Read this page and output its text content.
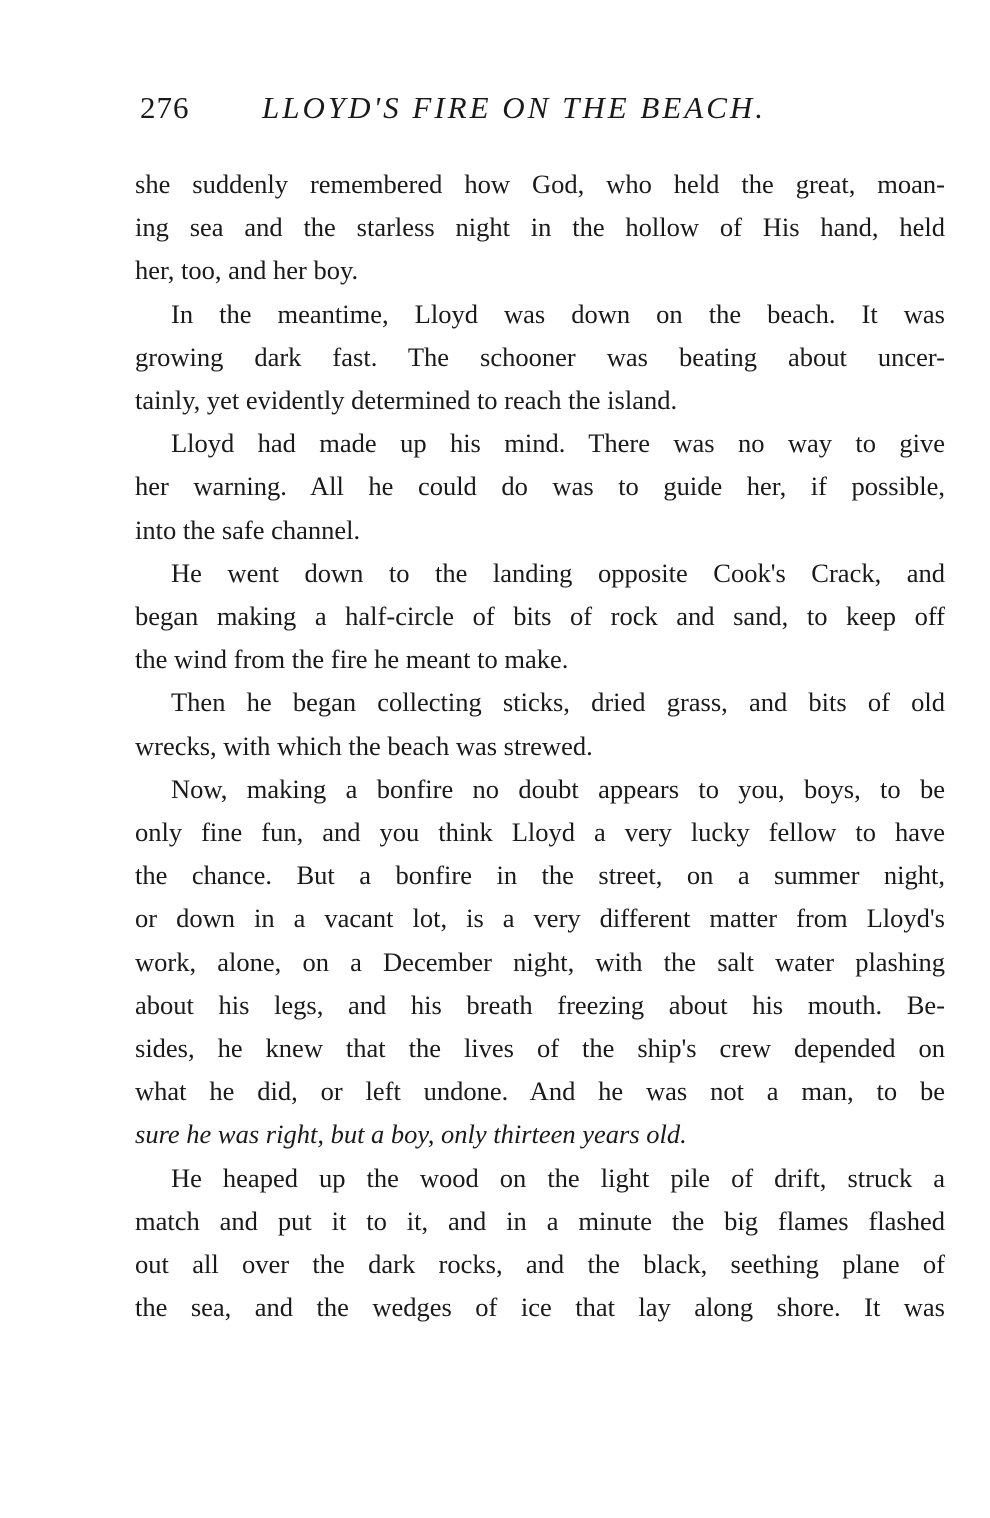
276 LLOYD'S FIRE ON THE BEACH.

she suddenly remembered how God, who held the great, moan-
ing sea and the starless night in the hollow of His hand, held
her, too, and her boy.

In the meantime, Lloyd was down on the beach. It was
growing dark fast. The schooner was beating about uncer-
tainly, yet evidently determined to reach the island.

Lloyd had made up his mind. There was no way to give
her warning. All he could do was to guide her, if possible,
into the safe channel.

He went down to the landing opposite Cook's Crack, and
began making a half-circle of bits of rock and sand, to keep off
the wind from the fire he meant to make.

Then he began collecting sticks, dried grass, and bits of old
wrecks, with which the beach was strewed.

Now, making a bonfire no doubt appears to you, boys, to be
only fine fun, and you think Lloyd a very lucky fellow to have
the chance. But a bonfire in the street, on a summer night,
or down in a vacant lot, is a very different matter from Lloyd's
work, alone, on a December night, with the salt water plashing
about his legs, and his breath freezing about his mouth. Be-
sides, he knew that the lives of the ship's crew depended on
what he did, or left undone. And he was not a man, to be
sure he was right, but a boy, only thirteen years old.

He heaped up the wood on the light pile of drift, struck a
match and put it to it, and in a minute the big flames flashed
out all over the dark rocks, and the black, seething plane of
the sea, and the wedges of ice that lay along shore. It was
